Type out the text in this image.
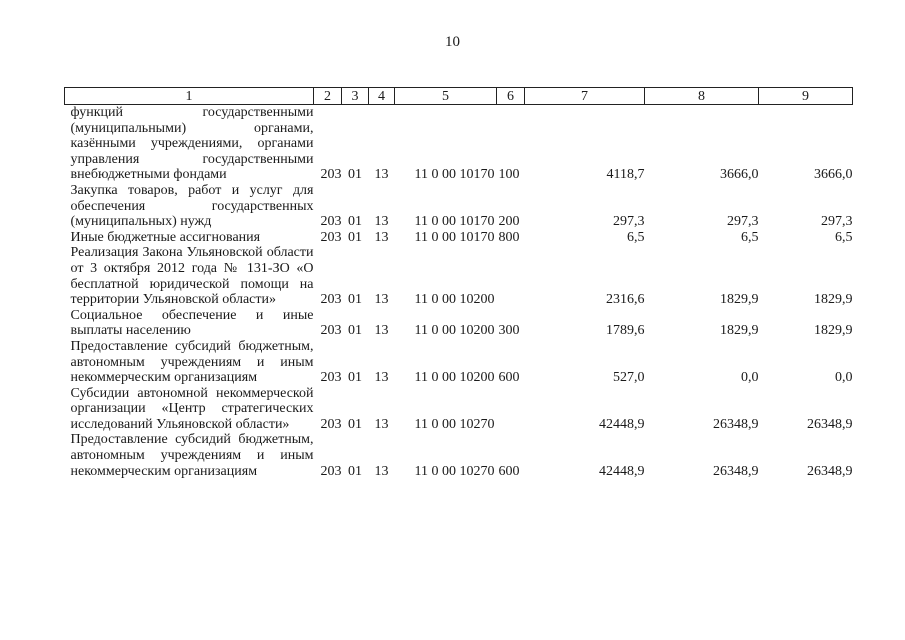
10
1	2	3	4	5	6	7	8	9
функций государственными (муниципальными) органами, казёнными учреждениями, органами управления государственными внебюджетными фондами	203	01	13	11 0 00 10170	100	4118,7	3666,0	3666,0
Закупка товаров, работ и услуг для обеспечения государственных (муниципальных) нужд	203	01	13	11 0 00 10170	200	297,3	297,3	297,3
Иные бюджетные ассигнования	203	01	13	11 0 00 10170	800	6,5	6,5	6,5
Реализация Закона Ульяновской области от 3 октября 2012 года № 131-ЗО «О бесплатной юридической помощи на территории Ульяновской области»	203	01	13	11 0 00 10200		2316,6	1829,9	1829,9
Социальное обеспечение и иные выплаты населению	203	01	13	11 0 00 10200	300	1789,6	1829,9	1829,9
Предоставление субсидий бюджетным, автономным учреждениям и иным некоммерческим организациям	203	01	13	11 0 00 10200	600	527,0	0,0	0,0
Субсидии автономной некоммерческой организации «Центр стратегических исследований Ульяновской области»	203	01	13	11 0 00 10270		42448,9	26348,9	26348,9
Предоставление субсидий бюджетным, автономным учреждениям и иным некоммерческим организациям	203	01	13	11 0 00 10270	600	42448,9	26348,9	26348,9
